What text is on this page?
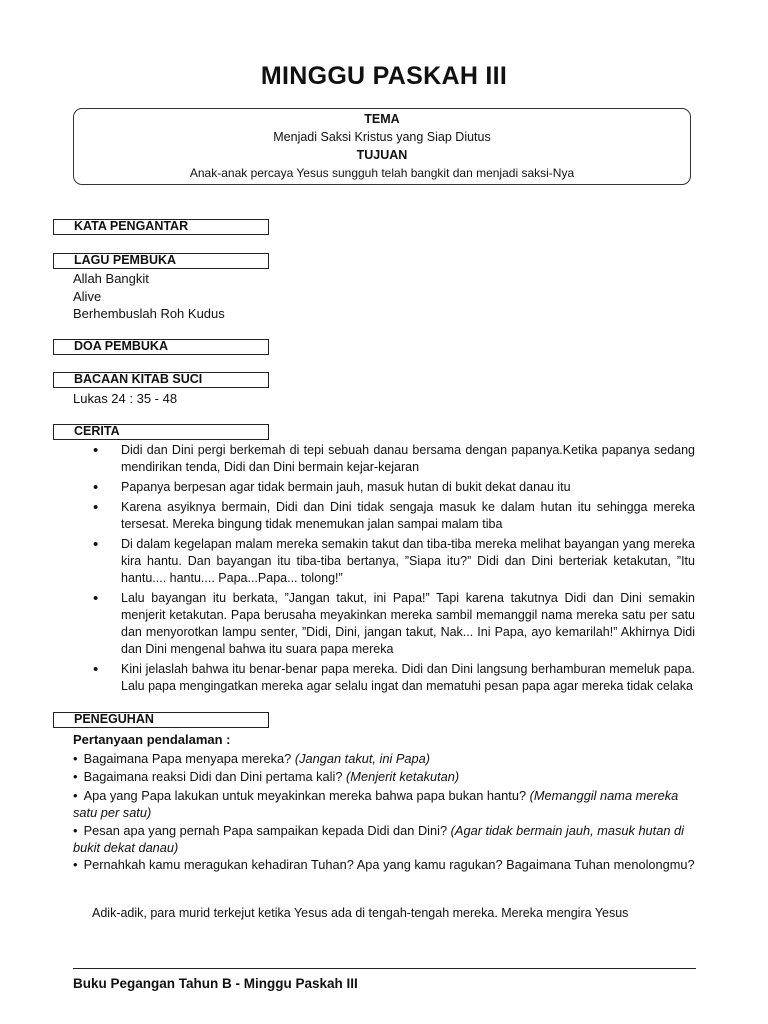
MINGGU PASKAH III
TEMA
Menjadi Saksi Kristus yang Siap Diutus
TUJUAN
Anak-anak percaya Yesus sungguh telah bangkit dan menjadi saksi-Nya
KATA PENGANTAR
LAGU PEMBUKA
Allah Bangkit
Alive
Berhembuslah Roh Kudus
DOA PEMBUKA
BACAAN KITAB SUCI
Lukas 24 : 35 - 48
CERITA
• Didi dan Dini pergi berkemah di tepi sebuah danau bersama dengan papanya.Ketika papanya sedang mendirikan tenda, Didi dan Dini bermain kejar-kejaran
• Papanya berpesan agar tidak bermain jauh, masuk hutan di bukit dekat danau itu
• Karena asyiknya bermain, Didi dan Dini tidak sengaja masuk ke dalam hutan itu sehingga mereka tersesat. Mereka bingung tidak menemukan jalan sampai malam tiba
• Di dalam kegelapan malam mereka semakin takut dan tiba-tiba mereka melihat bayangan yang mereka kira hantu. Dan bayangan itu tiba-tiba bertanya, ”Siapa itu?” Didi dan Dini berteriak ketakutan, ”Itu hantu.... hantu.... Papa...Papa... tolong!”
• Lalu bayangan itu berkata, ”Jangan takut, ini Papa!” Tapi karena takutnya Didi dan Dini semakin menjerit ketakutan. Papa berusaha meyakinkan mereka sambil memanggil nama mereka satu per satu dan menyorotkan lampu senter, ”Didi, Dini, jangan takut, Nak... Ini Papa, ayo kemarilah!” Akhirnya Didi dan Dini mengenal bahwa itu suara papa mereka
• Kini jelaslah bahwa itu benar-benar papa mereka. Didi dan Dini langsung berhamburan memeluk papa. Lalu papa mengingatkan mereka agar selalu ingat dan mematuhi pesan papa agar mereka tidak celaka
PENEGUHAN
Pertanyaan pendalaman :
• Bagaimana Papa menyapa mereka? (Jangan takut, ini Papa)
• Bagaimana reaksi Didi dan Dini pertama kali? (Menjerit ketakutan)
• Apa yang Papa lakukan untuk meyakinkan mereka bahwa papa bukan hantu? (Memanggil nama mereka satu per satu)
• Pesan apa yang pernah Papa sampaikan kepada Didi dan Dini? (Agar tidak bermain jauh, masuk hutan di bukit dekat danau)
• Pernahkah kamu meragukan kehadiran Tuhan? Apa yang kamu ragukan? Bagaimana Tuhan menolongmu?
Adik-adik, para murid terkejut ketika Yesus ada di tengah-tengah mereka. Mereka mengira Yesus
Buku Pegangan Tahun B - Minggu Paskah III
